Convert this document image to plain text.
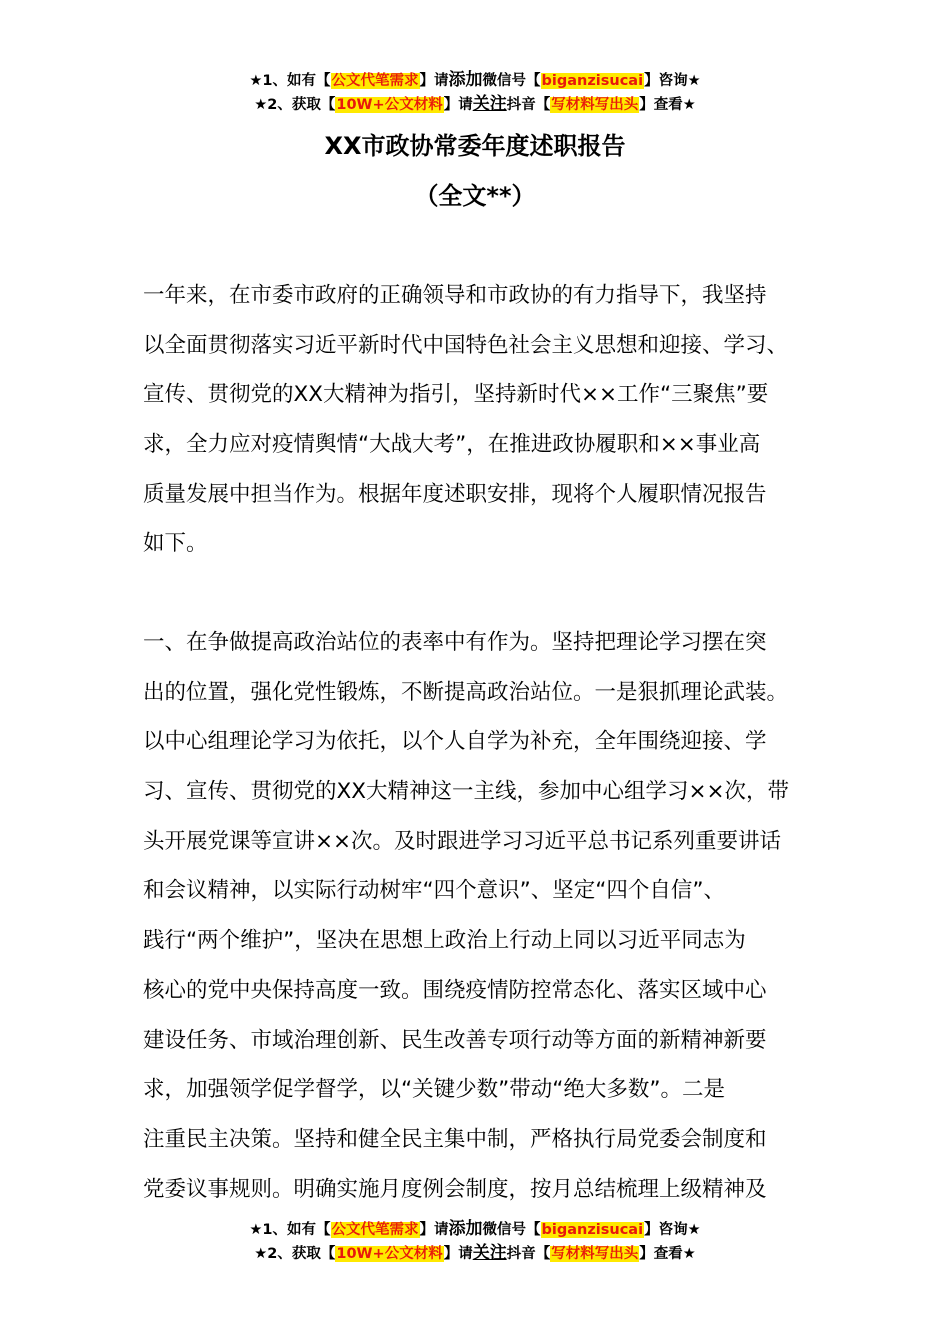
★1、如有【公文代笔需求】请添加微信号【biganzisucai】咨询★
★2、获取【10W+公文材料】请关注抖音【写材料写出头】查看★
XX市政协常委年度述职报告
（全文**）
一年来，在市委市政府的正确领导和市政协的有力指导下，我坚持
以全面贯彻落实习近平新时代中国特色社会主义思想和迎接、学习、
宣传、贯彻党的XX大精神为指引，坚持新时代××工作“三聚焦”要
求，全力应对疫情舆情“大战大考”，在推进政协履职和××事业高
质量发展中担当作为。根据年度述职安排，现将个人履职情况报告
如下。
一、在争做提高政治站位的表率中有作为。坚持把理论学习摆在突
出的位置，强化党性锻炼，不断提高政治站位。一是狠抓理论武装。
以中心组理论学习为依托，以个人自学为补充，全年围绕迎接、学
习、宣传、贯彻党的XX大精神这一主线，参加中心组学习××次，带
头开展党课等宣讲××次。及时跟进学习习近平总书记系列重要讲话
和会议精神，以实际行动树牢“四个意识”、坚定“四个自信”、
践行“两个维护”，坚决在思想上政治上行动上同以习近平同志为
核心的党中央保持高度一致。围绕疫情防控常态化、落实区域中心
建设任务、市域治理创新、民生改善专项行动等方面的新精神新要
求，加强领学促学督学，以“关键少数”带动“绝大多数”。二是
注重民主决策。坚持和健全民主集中制，严格执行局党委会制度和
党委议事规则。明确实施月度例会制度，按月总结梳理上级精神及
★1、如有【公文代笔需求】请添加微信号【biganzisucai】咨询★
★2、获取【10W+公文材料】请关注抖音【写材料写出头】查看★
